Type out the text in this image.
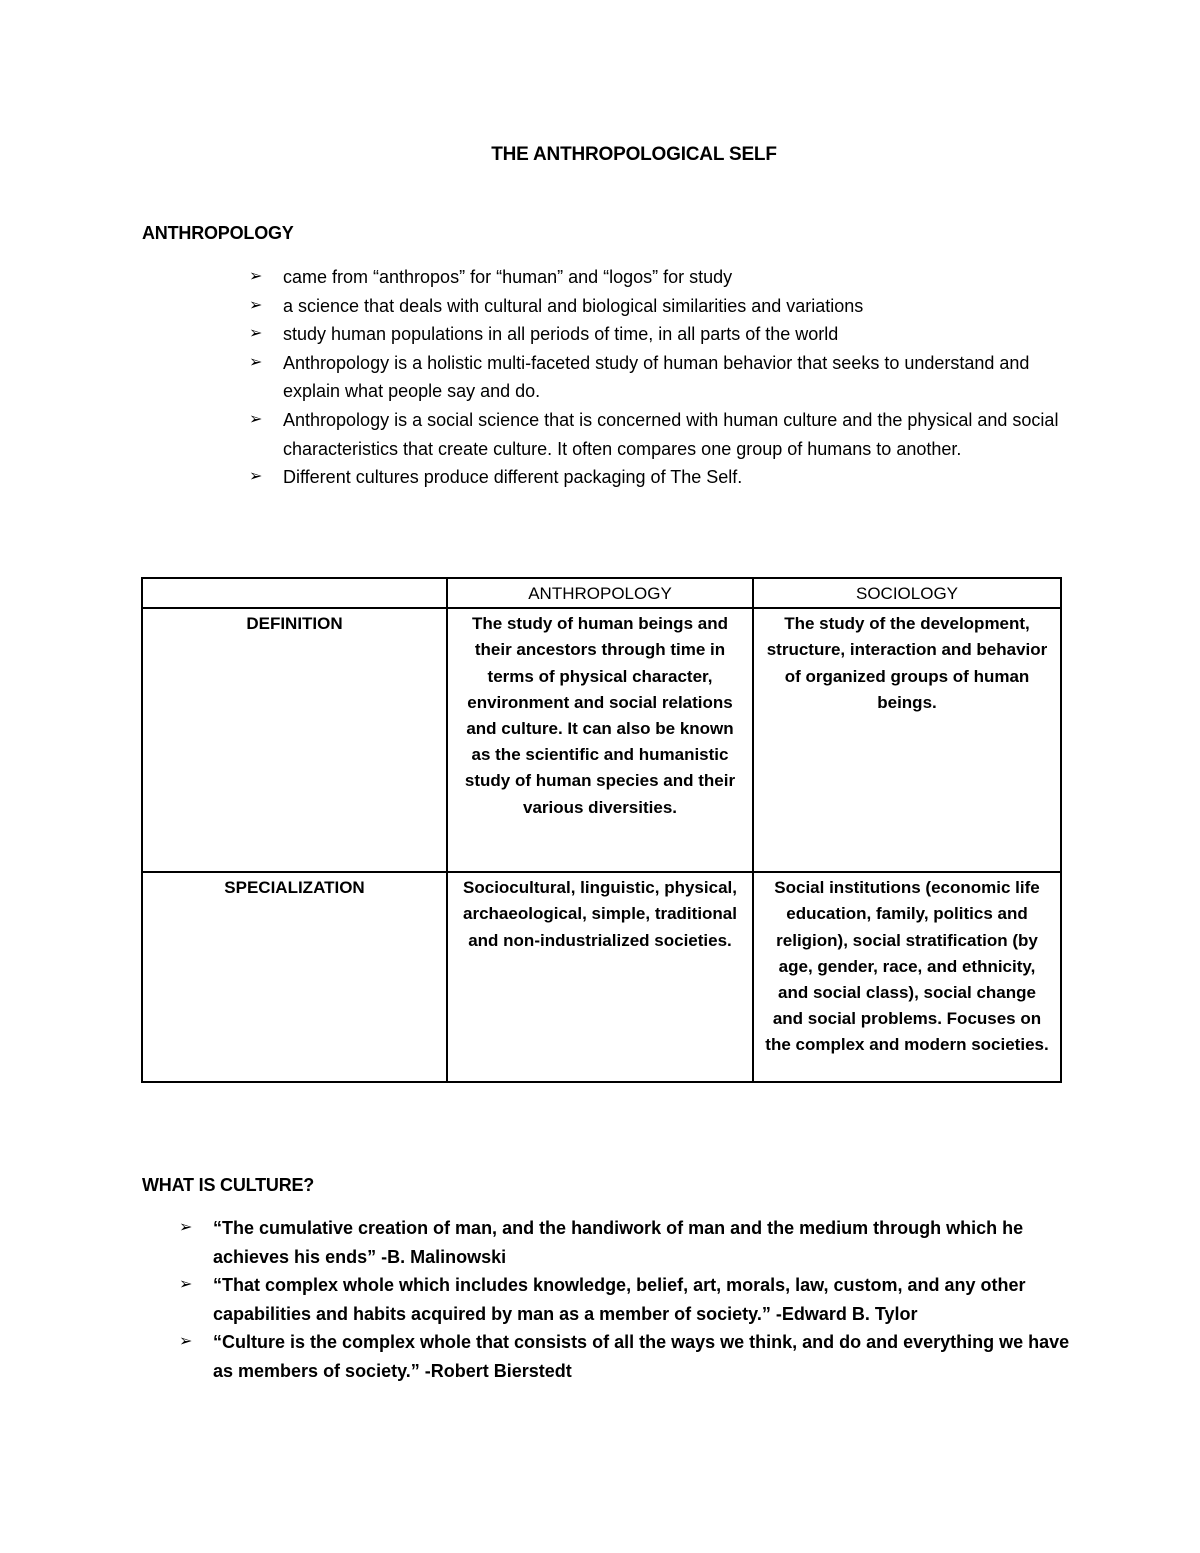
THE ANTHROPOLOGICAL SELF
ANTHROPOLOGY
➢ came from “anthropos” for “human” and “logos” for study
➢ a science that deals with cultural and biological similarities and variations
➢ study human populations in all periods of time, in all parts of the world
➢ Anthropology is a holistic multi-faceted study of human behavior that seeks to understand and explain what people say and do.
➢ Anthropology is a social science that is concerned with human culture and the physical and social characteristics that create culture. It often compares one group of humans to another.
➢ Different cultures produce different packaging of The Self.
	ANTHROPOLOGY	SOCIOLOGY
DEFINITION	The study of human beings and their ancestors through time in terms of physical character, environment and social relations and culture. It can also be known as the scientific and humanistic study of human species and their various diversities.	The study of the development, structure, interaction and behavior of organized groups of human beings.
SPECIALIZATION	Sociocultural, linguistic, physical, archaeological, simple, traditional and non-industrialized societies.	Social institutions (economic life education, family, politics and religion), social stratification (by age, gender, race, and ethnicity, and social class), social change and social problems. Focuses on the complex and modern societies.
WHAT IS CULTURE?
➢ “The cumulative creation of man, and the handiwork of man and the medium through which he achieves his ends” -B. Malinowski
➢ “That complex whole which includes knowledge, belief, art, morals, law, custom, and any other capabilities and habits acquired by man as a member of society.” -Edward B. Tylor
➢ “Culture is the complex whole that consists of all the ways we think, and do and everything we have as members of society.” -Robert Bierstedt
